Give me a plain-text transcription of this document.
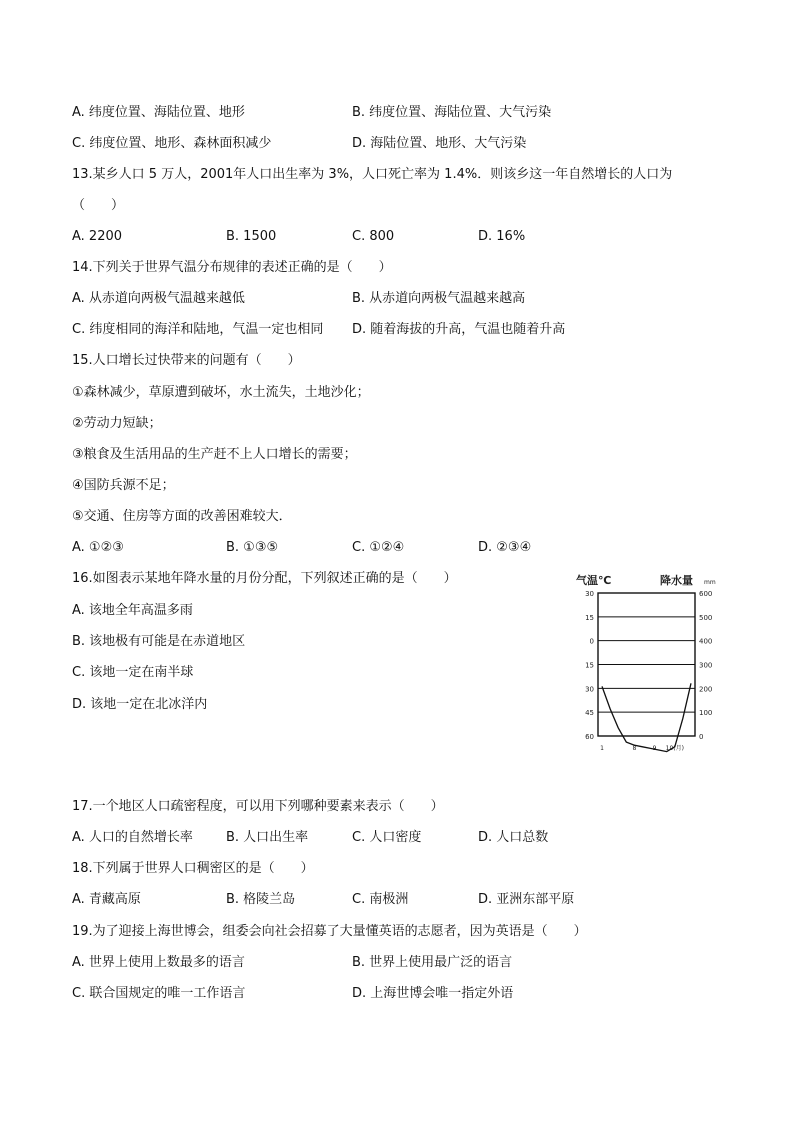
A. 纬度位置、海陆位置、地形	B. 纬度位置、海陆位置、大气污染
C. 纬度位置、地形、森林面积减少	D. 海陆位置、地形、大气污染
13.某乡人口 5 万人，2001年人口出生率为 3%，人口死亡率为 1.4%．则该乡这一年自然增长的人口为
（　　）
A. 2200	B. 1500	C. 800	D. 16%
14.下列关于世界气温分布规律的表述正确的是（　　）
A. 从赤道向两极气温越来越低	B. 从赤道向两极气温越来越高
C. 纬度相同的海洋和陆地，气温一定也相同 D. 随着海拔的升高，气温也随着升高
15.人口增长过快带来的问题有（　　）
①森林减少，草原遭到破坏，水土流失，土地沙化；
②劳动力短缺；
③粮食及生活用品的生产赶不上人口增长的需要；
④国防兵源不足；
⑤交通、住房等方面的改善困难较大．
A. ①②③	B. ①③⑤	C. ①②④	D. ②③④
16.如图表示某地年降水量的月份分配，下列叙述正确的是（　　）
A. 该地全年高温多雨
B. 该地极有可能是在赤道地区
C. 该地一定在南半球
D. 该地一定在北冰洋内
气温℃	降水量 mm
30	600
15	500
0	400
15	300
30	200
45	100
60	0
1	8	9 10(月)
17.一个地区人口疏密程度，可以用下列哪种要素来表示（　　）
A. 人口的自然增长率	B. 人口出生率	C. 人口密度	D. 人口总数
18.下列属于世界人口稠密区的是（　　）
A. 青藏高原	B. 格陵兰岛	C. 南极洲	D. 亚洲东部平原
19.为了迎接上海世博会，组委会向社会招募了大量懂英语的志愿者，因为英语是（　　）
A. 世界上使用上数最多的语言	B. 世界上使用最广泛的语言
C. 联合国规定的唯一工作语言	D. 上海世博会唯一指定外语
